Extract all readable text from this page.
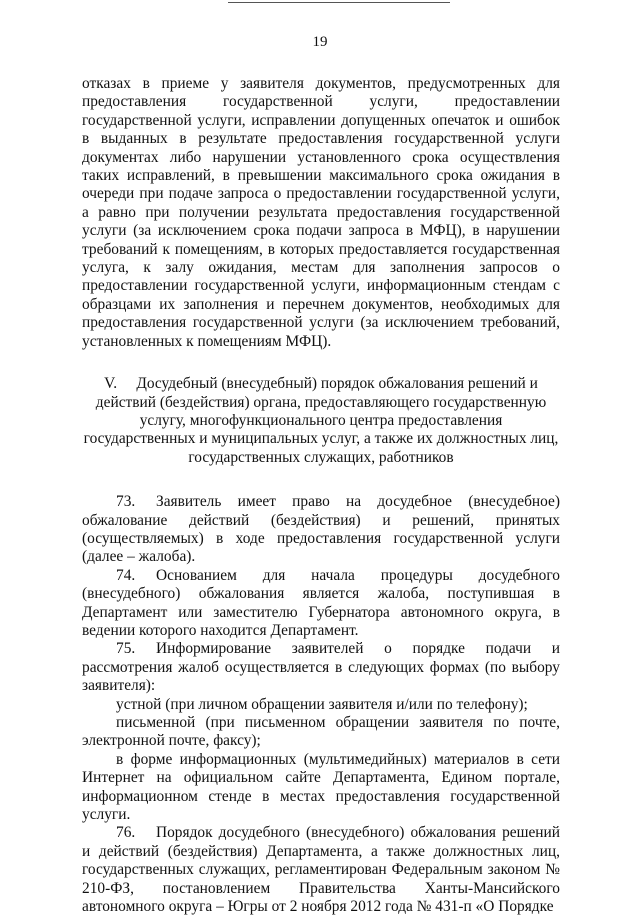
19

отказах в приеме у заявителя документов, предусмотренных для предоставления государственной услуги, предоставлении государственной услуги, исправлении допущенных опечаток и ошибок в выданных в результате предоставления государственной услуги документах либо нарушении установленного срока осуществления таких исправлений, в превышении максимального срока ожидания в очереди при подаче запроса о предоставлении государственной услуги, а равно при получении результата предоставления государственной услуги (за исключением срока подачи запроса в МФЦ), в нарушении требований к помещениям, в которых предоставляется государственная услуга, к залу ожидания, местам для заполнения запросов о предоставлении государственной услуги, информационным стендам с образцами их заполнения и перечнем документов, необходимых для предоставления государственной услуги (за исключением требований, установленных к помещениям МФЦ).

V. Досудебный (внесудебный) порядок обжалования решений и действий (бездействия) органа, предоставляющего государственную услугу, многофункционального центра предоставления государственных и муниципальных услуг, а также их должностных лиц, государственных служащих, работников

73. Заявитель имеет право на досудебное (внесудебное) обжалование действий (бездействия) и решений, принятых (осуществляемых) в ходе предоставления государственной услуги (далее – жалоба).

74. Основанием для начала процедуры досудебного (внесудебного) обжалования является жалоба, поступившая в Департамент или заместителю Губернатора автономного округа, в ведении которого находится Департамент.

75. Информирование заявителей о порядке подачи и рассмотрения жалоб осуществляется в следующих формах (по выбору заявителя):

устной (при личном обращении заявителя и/или по телефону);

письменной (при письменном обращении заявителя по почте, электронной почте, факсу);

в форме информационных (мультимедийных) материалов в сети Интернет на официальном сайте Департамента, Едином портале, информационном стенде в местах предоставления государственной услуги.

76. Порядок досудебного (внесудебного) обжалования решений и действий (бездействия) Департамента, а также должностных лиц, государственных служащих, регламентирован Федеральным законом № 210-ФЗ, постановлением Правительства Ханты-Мансийского автономного округа – Югры от 2 ноября 2012 года № 431-п «О Порядке
